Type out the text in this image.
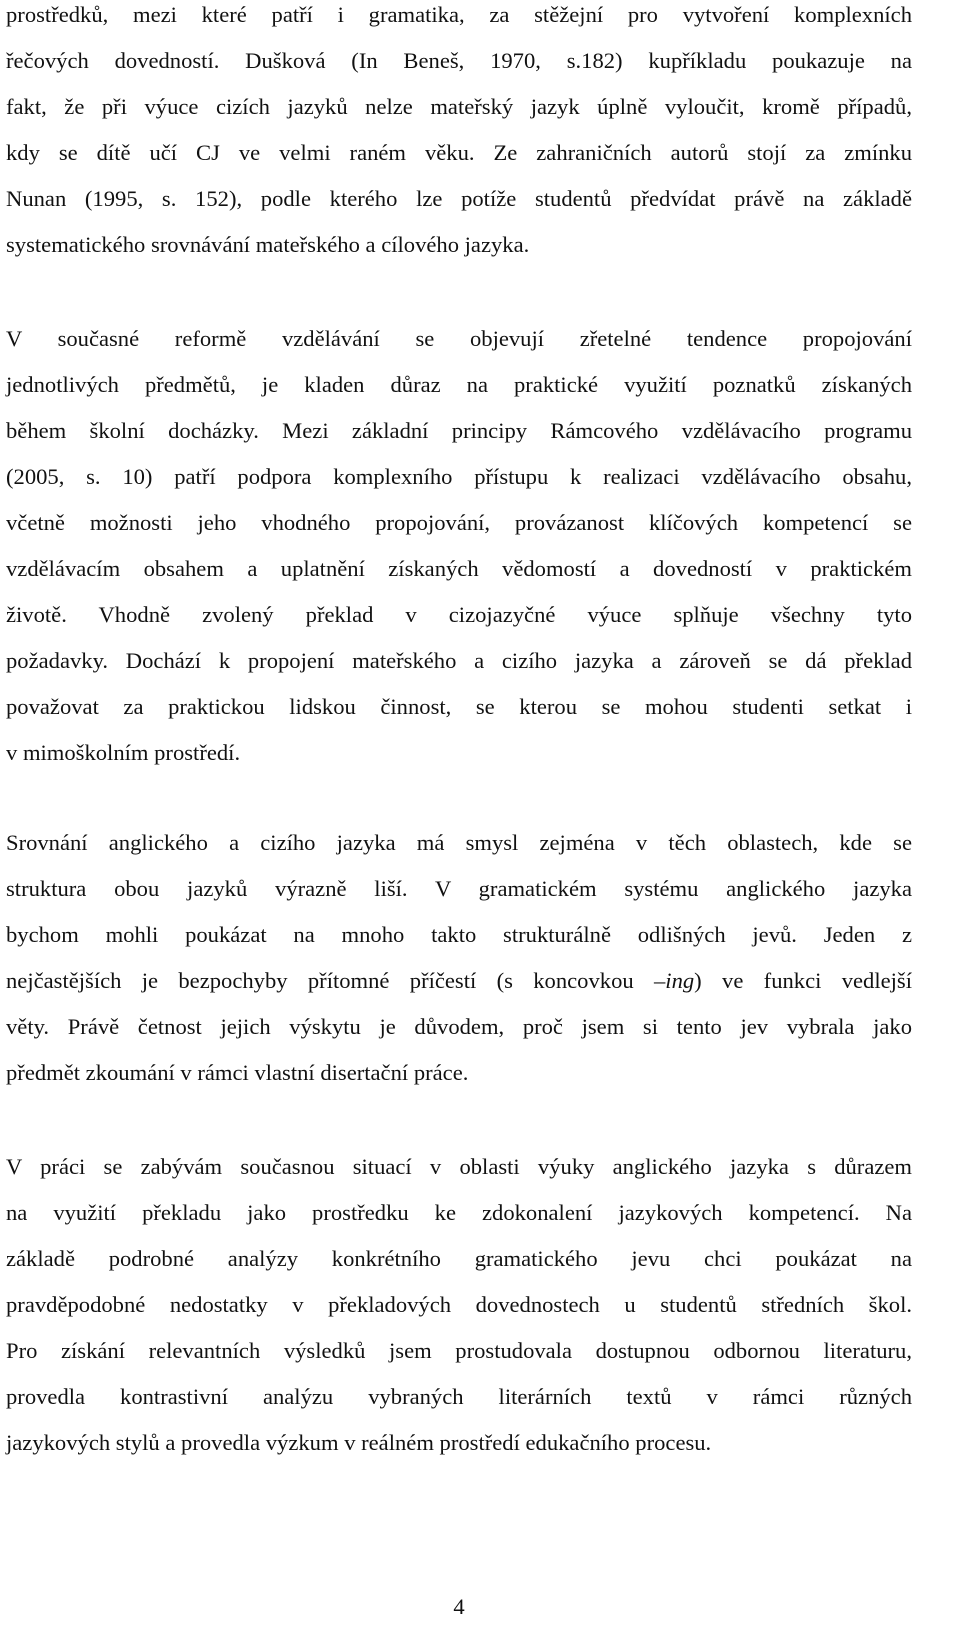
prostředků, mezi které patří i gramatika, za stěžejní pro vytvoření komplexních
řečových dovedností. Dušková (In Beneš, 1970, s.182) kupříkladu poukazuje na
fakt, že při výuce cizích jazyků nelze mateřský jazyk úplně vyloučit, kromě případů,
kdy se dítě učí CJ ve velmi raném věku. Ze zahraničních autorů stojí za zmínku
Nunan (1995, s. 152), podle kterého lze potíže studentů předvídat právě na základě
systematického srovnávání mateřského a cílového jazyka.
V současné reformě vzdělávání se objevují zřetelné tendence propojování
jednotlivých předmětů, je kladen důraz na praktické využití poznatků získaných
během školní docházky. Mezi základní principy Rámcového vzdělávacího programu
(2005, s. 10) patří podpora komplexního přístupu k realizaci vzdělávacího obsahu,
včetně možnosti jeho vhodného propojování, provázanost klíčových kompetencí se
vzdělávacím obsahem a uplatnění získaných vědomostí a dovedností v praktickém
životě. Vhodně zvolený překlad v cizojazyčné výuce splňuje všechny tyto
požadavky. Dochází k propojení mateřského a cizího jazyka a zároveň se dá překlad
považovat za praktickou lidskou činnost, se kterou se mohou studenti setkat i
v mimoškolním prostředí.
Srovnání anglického a cizího jazyka má smysl zejména v těch oblastech, kde se
struktura obou jazyků výrazně liší. V gramatickém systému anglického jazyka
bychom mohli poukázat na mnoho takto strukturálně odlišných jevů. Jeden z
nejčastějších je bezpochyby přítomné příčestí (s koncovkou –ing) ve funkci vedlejší
věty. Právě četnost jejich výskytu je důvodem, proč jsem si tento jev vybrala jako
předmět zkoumání v rámci vlastní disertační práce.
V práci se zabývám současnou situací v oblasti výuky anglického jazyka s důrazem
na využití překladu jako prostředku ke zdokonalení jazykových kompetencí. Na
základě podrobné analýzy konkrétního gramatického jevu chci poukázat na
pravděpodobné nedostatky v překladových dovednostech u studentů středních škol.
Pro získání relevantních výsledků jsem prostudovala dostupnou odbornou literaturu,
provedla kontrastivní analýzu vybraných literárních textů v rámci různých
jazykových stylů a provedla výzkum v reálném prostředí edukačního procesu.
4
